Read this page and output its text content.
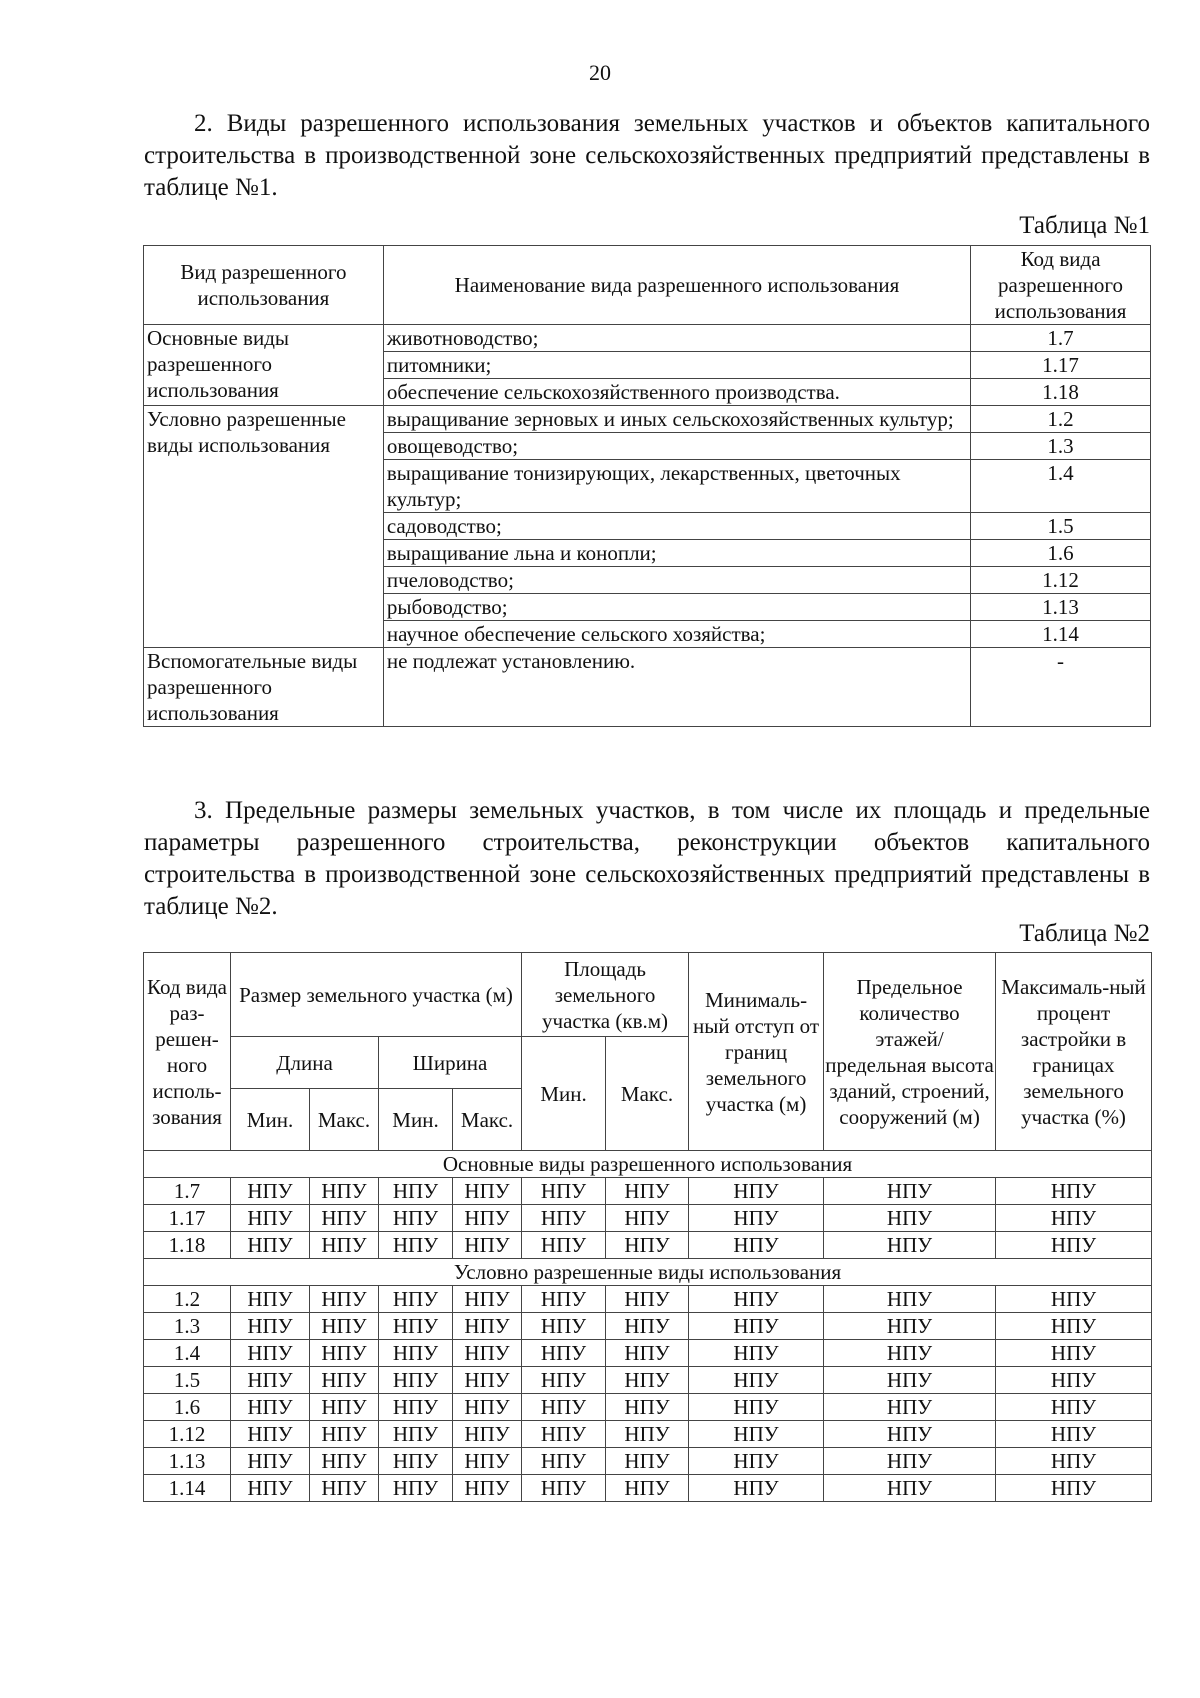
20

2. Виды разрешенного использования земельных участков и объектов капитального строительства в производственной зоне сельскохозяйственных предприятий представлены в таблице №1.

Таблица №1
Вид разрешенного использования	Наименование вида разрешенного использования	Код вида разрешенного использования
Основные виды разрешенного использования	животноводство;	1.7
	питомники;	1.17
	обеспечение сельскохозяйственного производства.	1.18
Условно разрешенные виды использования	выращивание зерновых и иных сельскохозяйственных культур;	1.2
	овощеводство;	1.3
	выращивание тонизирующих, лекарственных, цветочных культур;	1.4
	садоводство;	1.5
	выращивание льна и конопли;	1.6
	пчеловодство;	1.12
	рыбоводство;	1.13
	научное обеспечение сельского хозяйства;	1.14
Вспомогательные виды разрешенного использования	не подлежат установлению.	-

3. Предельные размеры земельных участков, в том числе их площадь и предельные параметры разрешенного строительства, реконструкции объектов капитального строительства в производственной зоне сельскохозяйственных предприятий представлены в таблице №2.

Таблица №2
Код вида раз-решен-ного исполь-зования	Размер земельного участка (м)				Площадь земельного участка (кв.м)		Минималь-ный отступ от границ земельного участка (м)	Предельное количество этажей/ предельная высота зданий, строений, сооружений (м)	Максималь-ный процент застройки в границах земельного участка (%)
	Длина		Ширина		Мин.	Макс.			
	Мин.	Макс.	Мин.	Макс.					
Основные виды разрешенного использования									
1.7	НПУ	НПУ	НПУ	НПУ	НПУ	НПУ	НПУ	НПУ	НПУ
1.17	НПУ	НПУ	НПУ	НПУ	НПУ	НПУ	НПУ	НПУ	НПУ
1.18	НПУ	НПУ	НПУ	НПУ	НПУ	НПУ	НПУ	НПУ	НПУ
Условно разрешенные виды использования									
1.2	НПУ	НПУ	НПУ	НПУ	НПУ	НПУ	НПУ	НПУ	НПУ
1.3	НПУ	НПУ	НПУ	НПУ	НПУ	НПУ	НПУ	НПУ	НПУ
1.4	НПУ	НПУ	НПУ	НПУ	НПУ	НПУ	НПУ	НПУ	НПУ
1.5	НПУ	НПУ	НПУ	НПУ	НПУ	НПУ	НПУ	НПУ	НПУ
1.6	НПУ	НПУ	НПУ	НПУ	НПУ	НПУ	НПУ	НПУ	НПУ
1.12	НПУ	НПУ	НПУ	НПУ	НПУ	НПУ	НПУ	НПУ	НПУ
1.13	НПУ	НПУ	НПУ	НПУ	НПУ	НПУ	НПУ	НПУ	НПУ
1.14	НПУ	НПУ	НПУ	НПУ	НПУ	НПУ	НПУ	НПУ	НПУ
